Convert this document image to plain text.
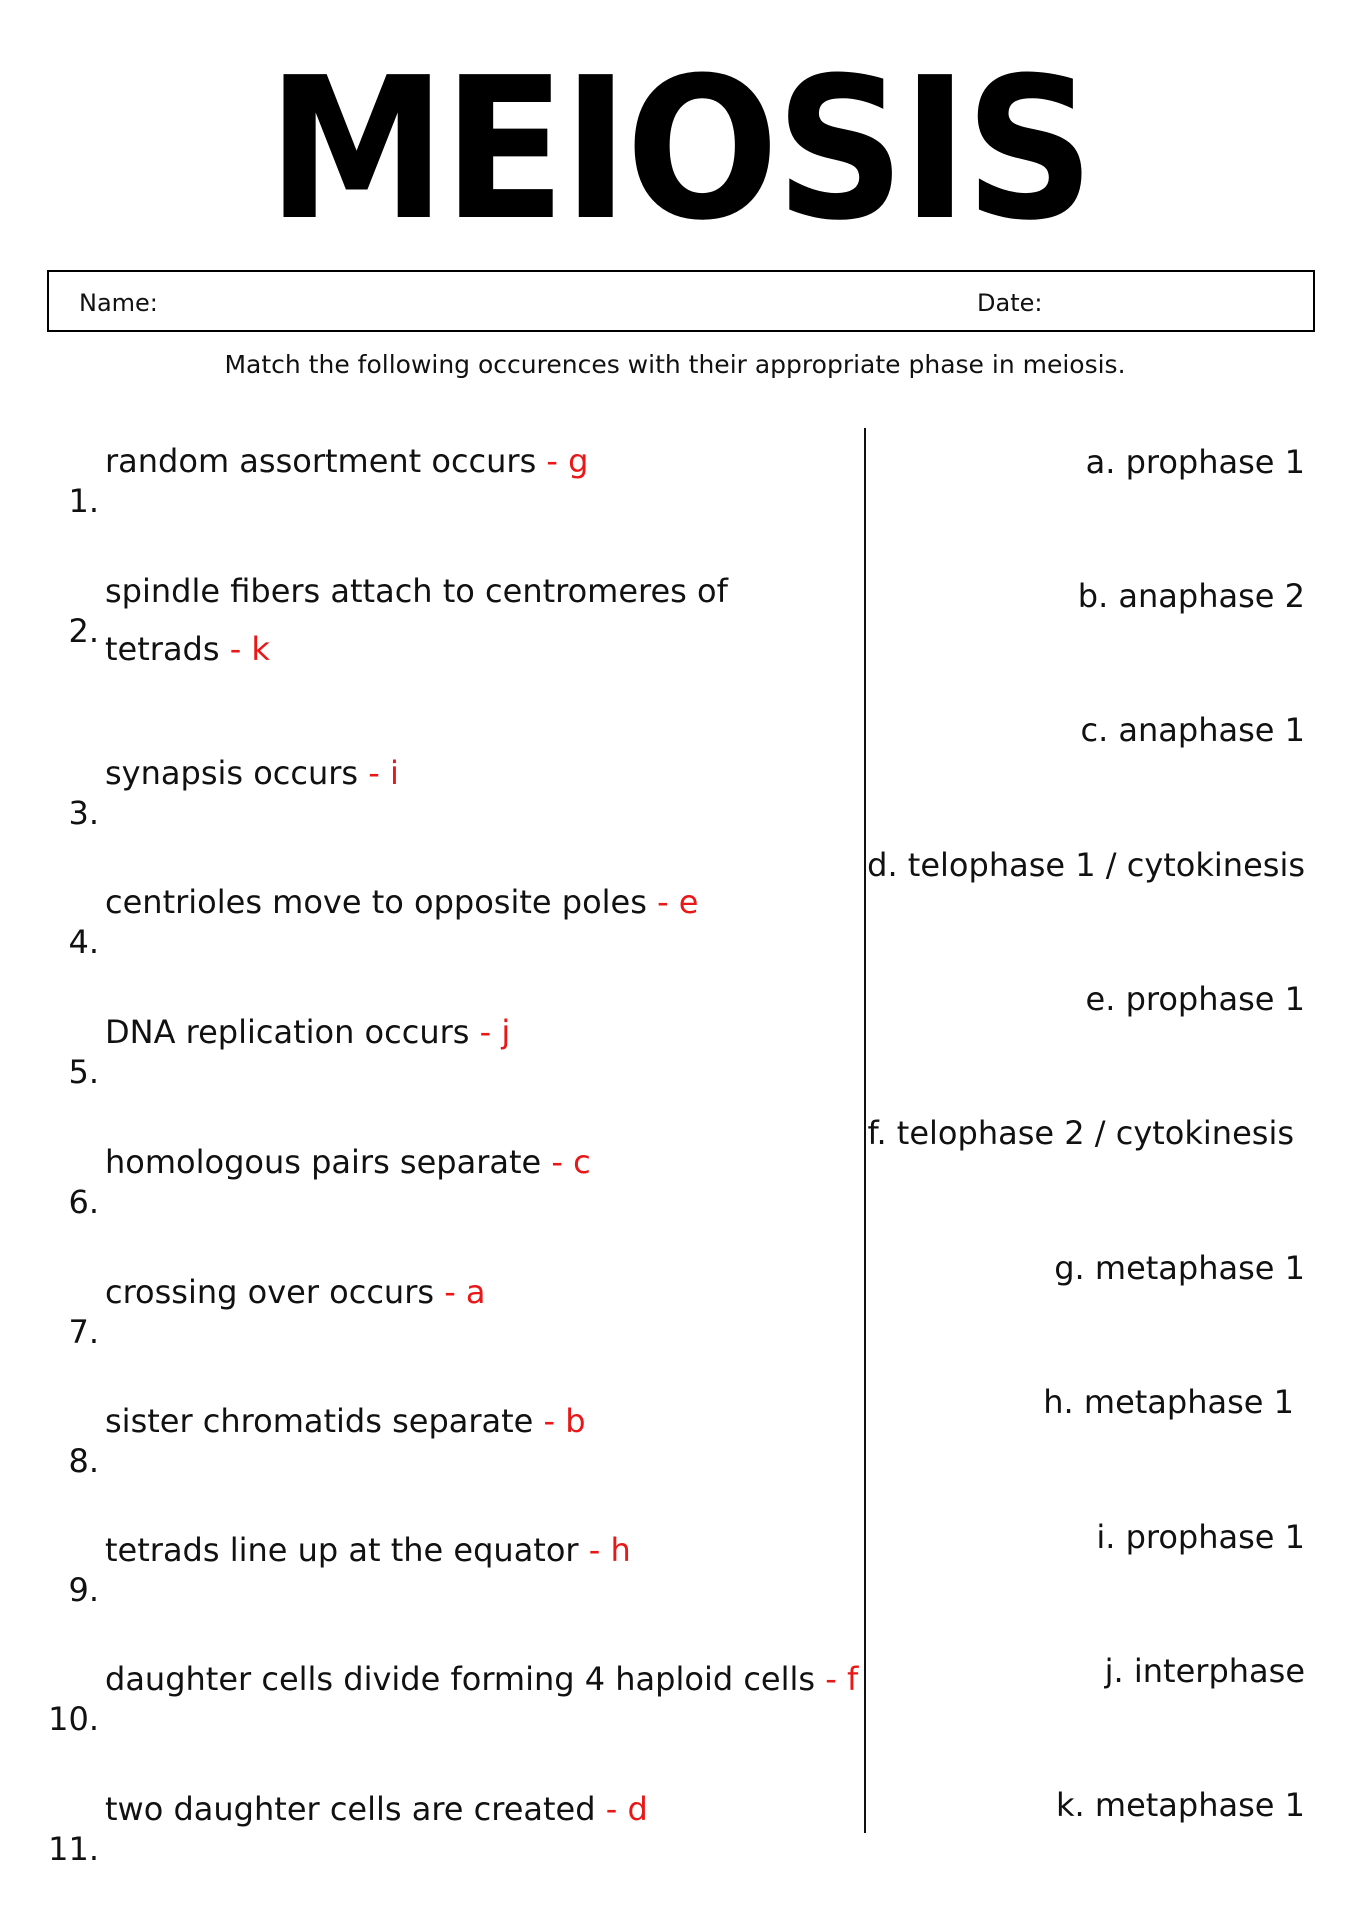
MEIOSIS
Name:	Date:
Match the following occurences with their appropriate phase in meiosis.
1.
random assortment occurs - g
2.
spindle fibers attach to centromeres of tetrads - k
3.
synapsis occurs - i
4.
centrioles move to opposite poles - e
5.
DNA replication occurs - j
6.
homologous pairs separate - c
7.
crossing over occurs - a
8.
sister chromatids separate - b
9.
tetrads line up at the equator - h
10.
daughter cells divide forming 4 haploid cells - f
11.
two daughter cells are created - d
a. prophase 1
b. anaphase 2
c. anaphase 1
d. telophase 1 / cytokinesis
e. prophase 1
f. telophase 2 / cytokinesis
g. metaphase 1
h. metaphase 1
i. prophase 1
j. interphase
k. metaphase 1
